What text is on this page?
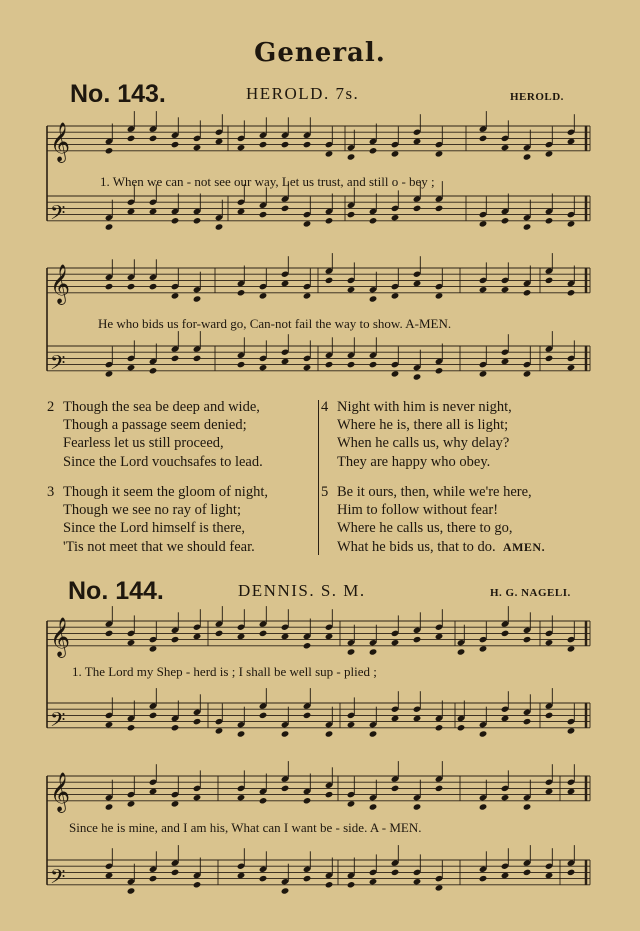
General.
No. 143.	HEROLD. 7s.	HEROLD.
𝄞
𝄢
𝄞
𝄢
𝄞
𝄢
𝄞
𝄢
1. When we can - not see our way, Let us trust, and still o - bey ;
He who bids us for-ward go, Can-not fail the way to show. A-MEN.
2 Though the sea be deep and wide,
Though a passage seem denied;
Fearless let us still proceed,
Since the Lord vouchsafes to lead.
3 Though it seem the gloom of night,
Though we see no ray of light;
Since the Lord himself is there,
'Tis not meet that we should fear.
4 Night with him is never night,
Where he is, there all is light;
When he calls us, why delay?
They are happy who obey.
5 Be it ours, then, while we're here,
Him to follow without fear!
Where he calls us, there to go,
What he bids us, that to do. AMEN.
No. 144.	DENNIS. S. M.	H. G. NAGELI.
1. The Lord my Shep - herd is ; I shall be well sup - plied ;
Since he is mine, and I am his, What can I want be - side. A - MEN.
